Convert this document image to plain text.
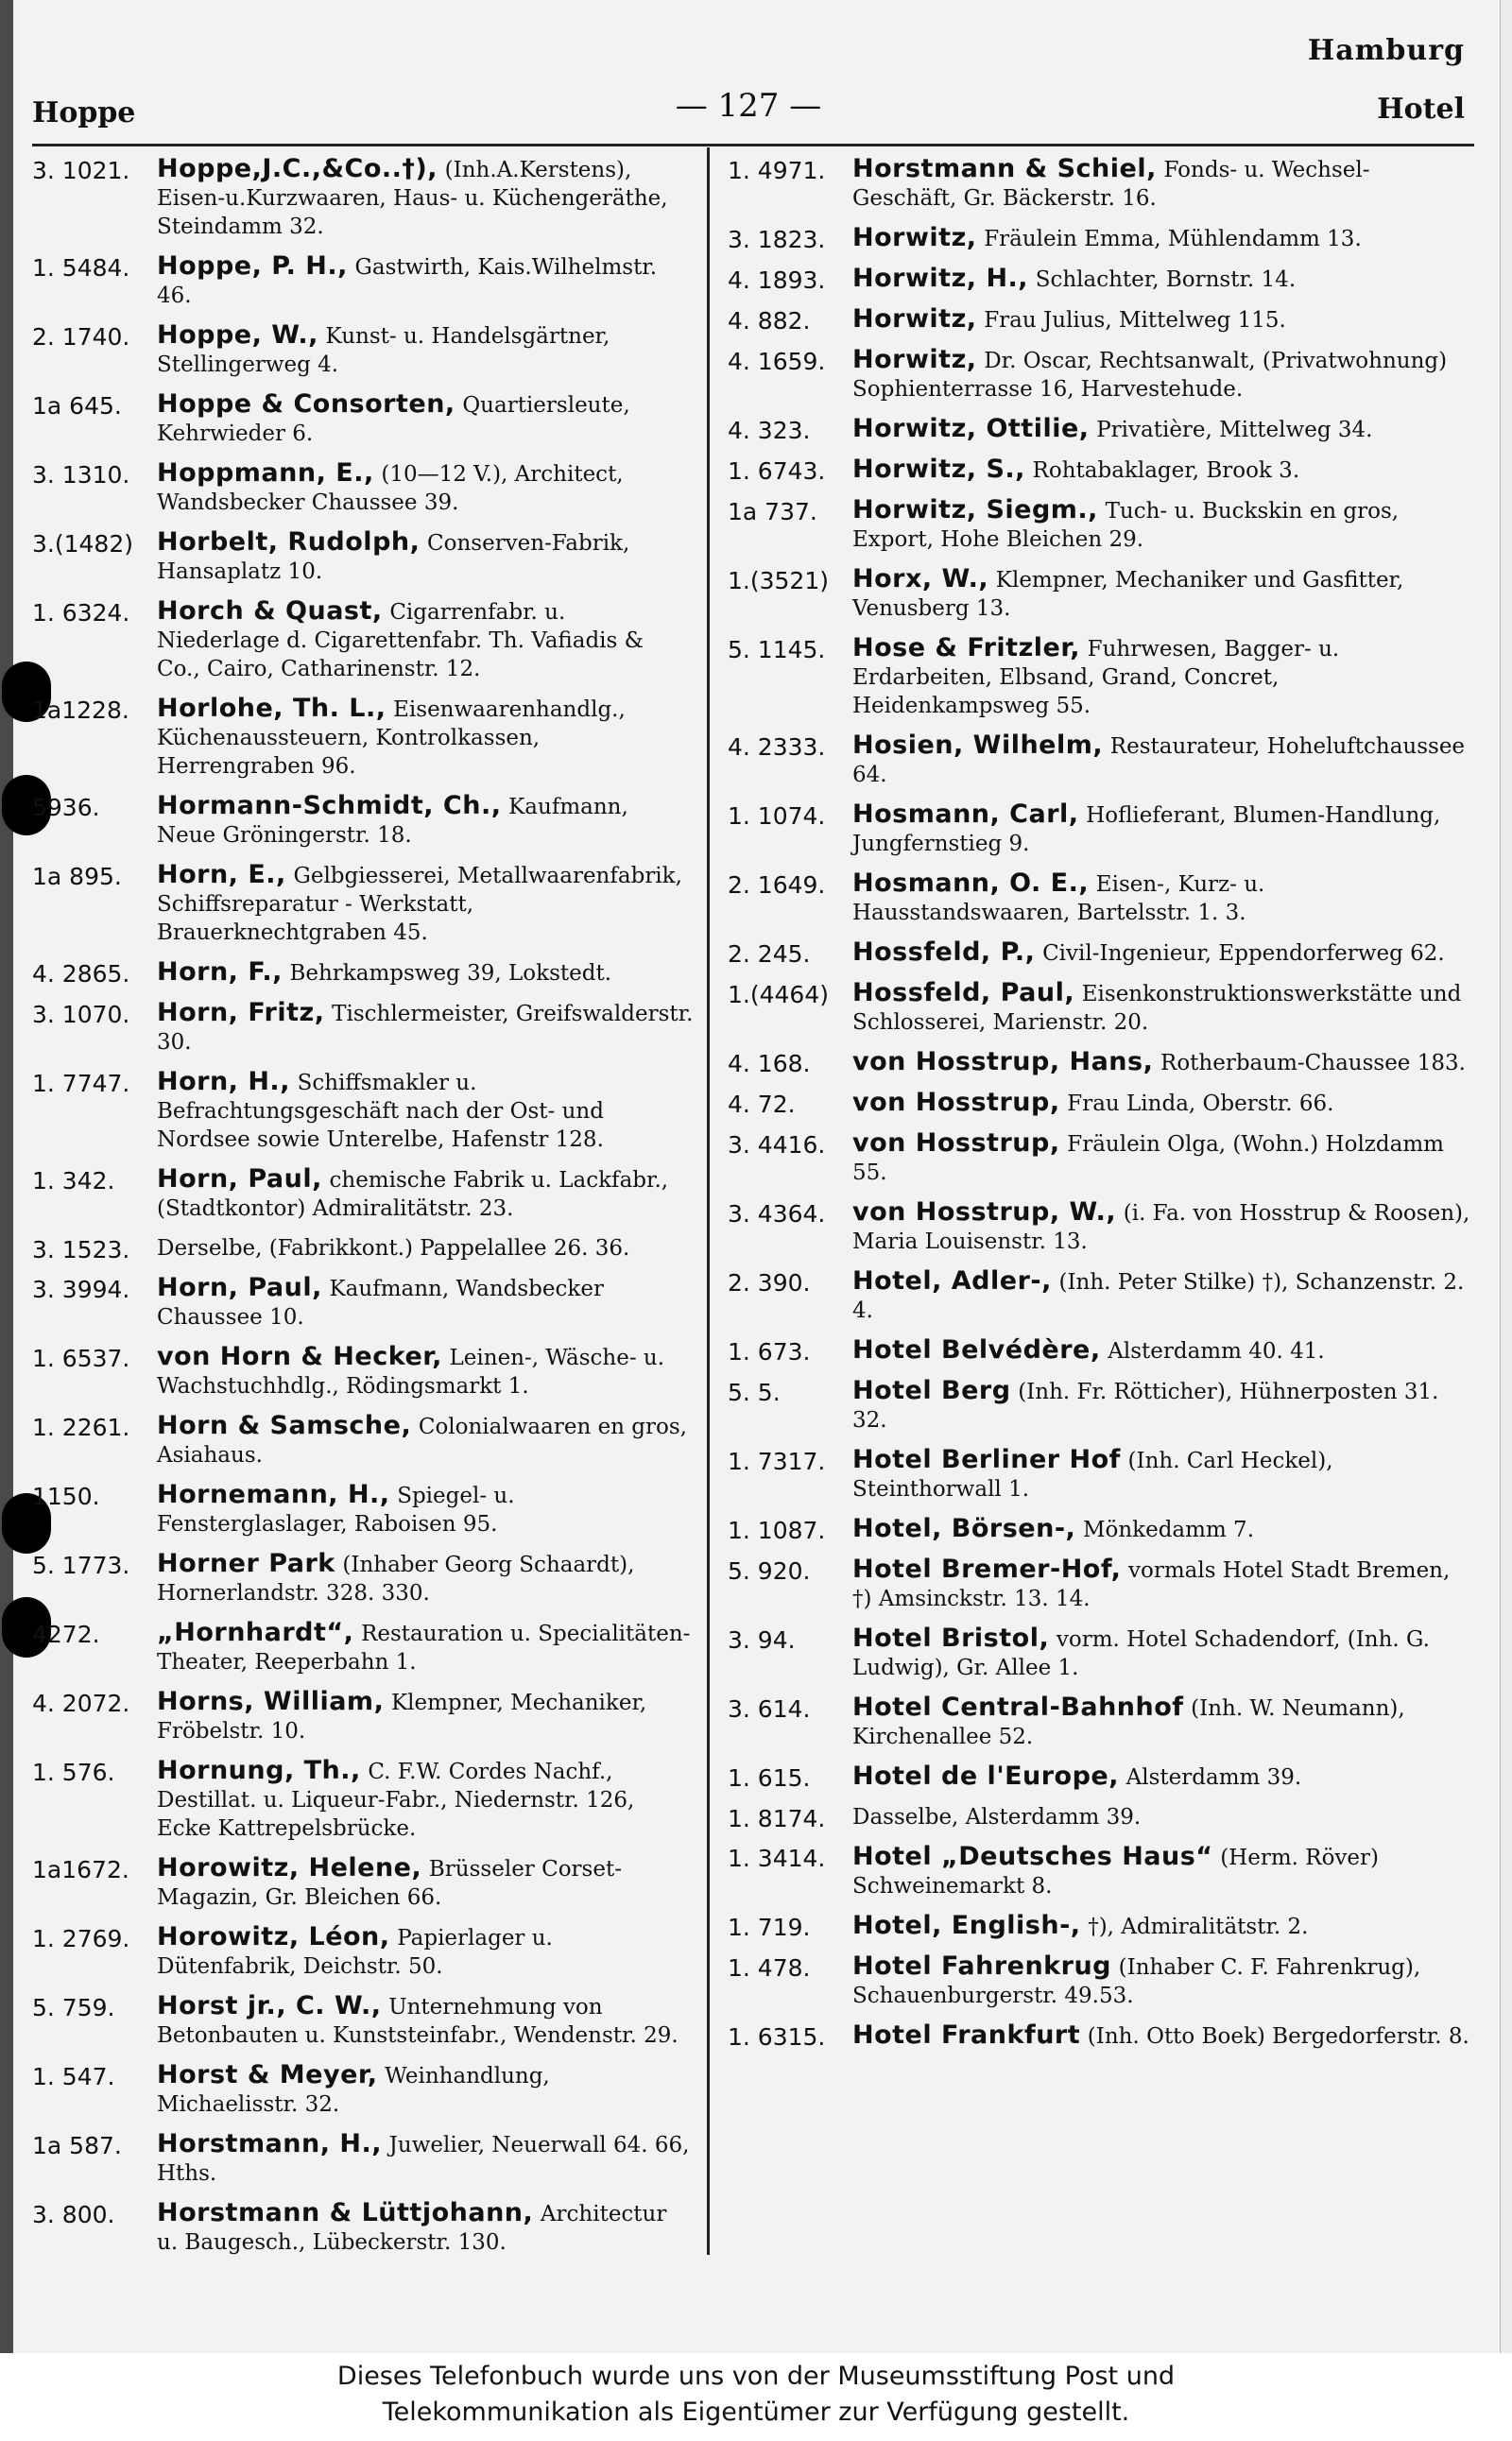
Hamburg
Hoppe	— 127 —	Hotel
3. 1021. Hoppe,J.C.,&Co..†), (Inh.A.Kerstens), Eisen-u.Kurzwaaren, Haus- u. Küchengeräthe, Steindamm 32.
1. 5484. Hoppe, P. H., Gastwirth, Kais.Wilhelmstr. 46.
2. 1740. Hoppe, W., Kunst- u. Handelsgärtner, Stellingerweg 4.
1a 645. Hoppe & Consorten, Quartiersleute, Kehrwieder 6.
3. 1310. Hoppmann, E., (10—12 V.), Architect, Wandsbecker Chaussee 39.
3.(1482) Horbelt, Rudolph, Conserven-Fabrik, Hansaplatz 10.
1. 6324. Horch & Quast, Cigarrenfabr. u. Niederlage d. Cigarettenfabr. Th. Vafiadis & Co., Cairo, Catharinenstr. 12.
1a1228. Horlohe, Th. L., Eisenwaarenhandlg., Küchenaussteuern, Kontrolkassen, Herrengraben 96.
5936. Hormann-Schmidt, Ch., Kaufmann, Neue Gröningerstr. 18.
1a 895. Horn, E., Gelbgiesserei, Metallwaarenfabrik, Schiffsreparatur - Werkstatt, Brauerknechtgraben 45.
4. 2865. Horn, F., Behrkampsweg 39, Lokstedt.
3. 1070. Horn, Fritz, Tischlermeister, Greifswalderstr. 30.
1. 7747. Horn, H., Schiffsmakler u. Befrachtungsgeschäft nach der Ost- und Nordsee sowie Unterelbe, Hafenstr 128.
1. 342. Horn, Paul, chemische Fabrik u. Lackfabr., (Stadtkontor) Admiralitätstr. 23.
3. 1523. Derselbe, (Fabrikkont.) Pappelallee 26. 36.
3. 3994. Horn, Paul, Kaufmann, Wandsbecker Chaussee 10.
1. 6537. von Horn & Hecker, Leinen-, Wäsche- u. Wachstuchhdlg., Rödingsmarkt 1.
1. 2261. Horn & Samsche, Colonialwaaren en gros, Asiahaus.
1150. Hornemann, H., Spiegel- u. Fensterglaslager, Raboisen 95.
5. 1773. Horner Park (Inhaber Georg Schaardt), Hornerlandstr. 328. 330.
4272. „Hornhardt“, Restauration u. Specialitäten-Theater, Reeperbahn 1.
4. 2072. Horns, William, Klempner, Mechaniker, Fröbelstr. 10.
1. 576. Hornung, Th., C. F.W. Cordes Nachf., Destillat. u. Liqueur-Fabr., Niedernstr. 126, Ecke Kattrepelsbrücke.
1a1672. Horowitz, Helene, Brüsseler Corset-Magazin, Gr. Bleichen 66.
1. 2769. Horowitz, Léon, Papierlager u. Dütenfabrik, Deichstr. 50.
5. 759. Horst jr., C. W., Unternehmung von Betonbauten u. Kunststeinfabr., Wendenstr. 29.
1. 547. Horst & Meyer, Weinhandlung, Michaelisstr. 32.
1a 587. Horstmann, H., Juwelier, Neuerwall 64. 66, Hths.
3. 800. Horstmann & Lüttjohann, Architectur u. Baugesch., Lübeckerstr. 130.
1. 4971. Horstmann & Schiel, Fonds- u. Wechsel-Geschäft, Gr. Bäckerstr. 16.
3. 1823. Horwitz, Fräulein Emma, Mühlendamm 13.
4. 1893. Horwitz, H., Schlachter, Bornstr. 14.
4. 882. Horwitz, Frau Julius, Mittelweg 115.
4. 1659. Horwitz, Dr. Oscar, Rechtsanwalt, (Privatwohnung) Sophienterrasse 16, Harvestehude.
4. 323. Horwitz, Ottilie, Privatière, Mittelweg 34.
1. 6743. Horwitz, S., Rohtabaklager, Brook 3.
1a 737. Horwitz, Siegm., Tuch- u. Buckskin en gros, Export, Hohe Bleichen 29.
1.(3521) Horx, W., Klempner, Mechaniker und Gasfitter, Venusberg 13.
5. 1145. Hose & Fritzler, Fuhrwesen, Bagger- u. Erdarbeiten, Elbsand, Grand, Concret, Heidenkampsweg 55.
4. 2333. Hosien, Wilhelm, Restaurateur, Hoheluftchaussee 64.
1. 1074. Hosmann, Carl, Hoflieferant, Blumen-Handlung, Jungfernstieg 9.
2. 1649. Hosmann, O. E., Eisen-, Kurz- u. Hausstandswaaren, Bartelsstr. 1. 3.
2. 245. Hossfeld, P., Civil-Ingenieur, Eppendorferweg 62.
1.(4464) Hossfeld, Paul, Eisenkonstruktionswerkstätte und Schlosserei, Marienstr. 20.
4. 168. von Hosstrup, Hans, Rotherbaum-Chaussee 183.
4. 72. von Hosstrup, Frau Linda, Oberstr. 66.
3. 4416. von Hosstrup, Fräulein Olga, (Wohn.) Holzdamm 55.
3. 4364. von Hosstrup, W., (i. Fa. von Hosstrup & Roosen), Maria Louisenstr. 13.
2. 390. Hotel, Adler-, (Inh. Peter Stilke) †), Schanzenstr. 2. 4.
1. 673. Hotel Belvédère, Alsterdamm 40. 41.
5. 5.	Hotel Berg (Inh. Fr. Rötticher), Hühnerposten 31. 32.
1. 7317. Hotel Berliner Hof (Inh. Carl Heckel), Steinthorwall 1.
1. 1087. Hotel, Börsen-, Mönkedamm 7.
5. 920. Hotel Bremer-Hof, vormals Hotel Stadt Bremen, †) Amsinckstr. 13. 14.
3. 94. Hotel Bristol, vorm. Hotel Schadendorf, (Inh. G. Ludwig), Gr. Allee 1.
3. 614. Hotel Central-Bahnhof (Inh. W. Neumann), Kirchenallee 52.
1. 615. Hotel de l'Europe, Alsterdamm 39.
1. 8174. Dasselbe, Alsterdamm 39.
1. 3414. Hotel „Deutsches Haus“ (Herm. Röver) Schweinemarkt 8.
1. 719. Hotel, English-, †), Admiralitätstr. 2.
1. 478. Hotel Fahrenkrug (Inhaber C. F. Fahrenkrug), Schauenburgerstr. 49.53.
1. 6315. Hotel Frankfurt (Inh. Otto Boek) Bergedorferstr. 8.
Dieses Telefonbuch wurde uns von der Museumsstiftung Post und
Telekommunikation als Eigentümer zur Verfügung gestellt.
